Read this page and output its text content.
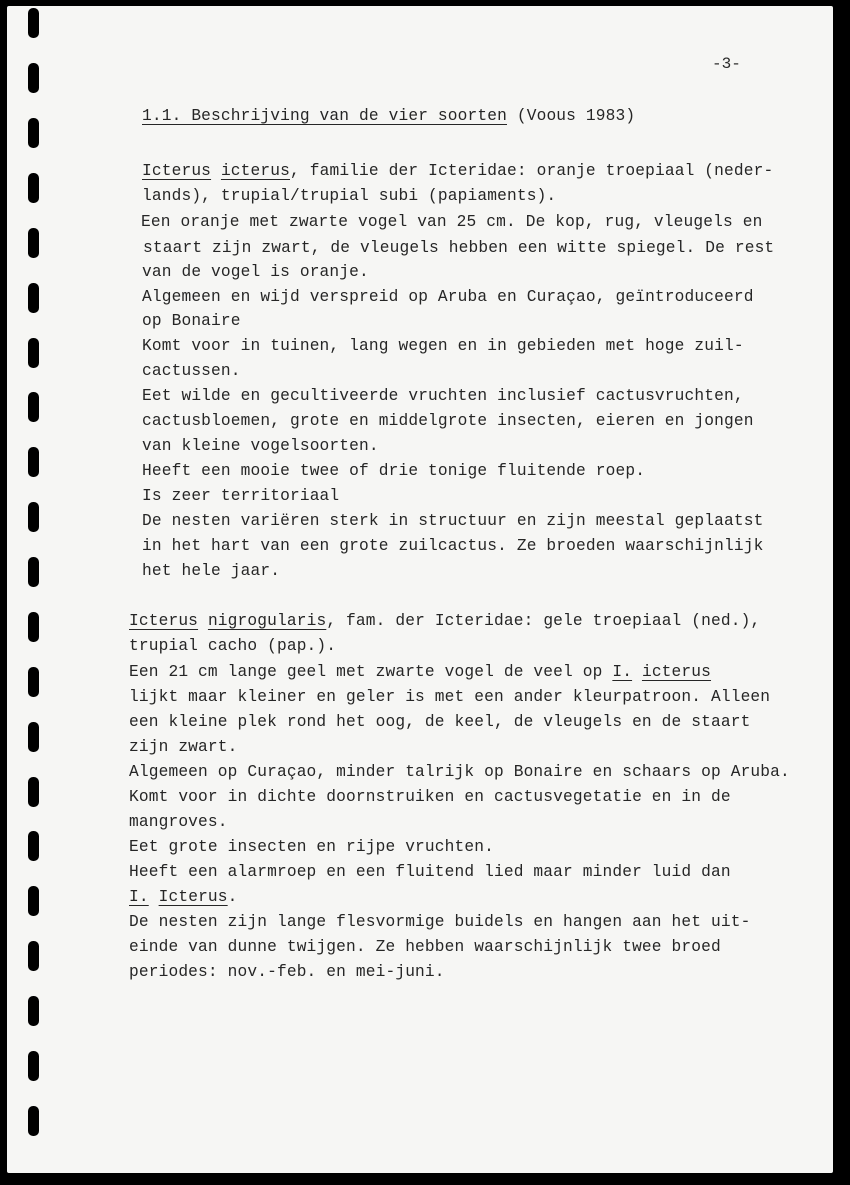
-3-
1.1. Beschrijving van de vier soorten (Voous 1983)

Icterus icterus, familie der Icteridae: oranje troepiaal (neder-

lands), trupial/trupial subi (papiaments).

Een oranje met zwarte vogel van 25 cm. De kop, rug, vleugels en

staart zijn zwart, de vleugels hebben een witte spiegel. De rest

van de vogel is oranje.

Algemeen en wijd verspreid op Aruba en Curaçao, geïntroduceerd

op Bonaire

Komt voor in tuinen, lang wegen en in gebieden met hoge zuil-

cactussen.

Eet wilde en gecultiveerde vruchten inclusief cactusvruchten,

cactusbloemen, grote en middelgrote insecten, eieren en jongen

van kleine vogelsoorten.

Heeft een mooie twee of drie tonige fluitende roep.

Is zeer territoriaal

De nesten variëren sterk in structuur en zijn meestal geplaatst

in het hart van een grote zuilcactus. Ze broeden waarschijnlijk

het hele jaar.

Icterus nigrogularis, fam. der Icteridae: gele troepiaal (ned.),

trupial cacho (pap.).

Een 21 cm lange geel met zwarte vogel de veel op I. icterus

lijkt maar kleiner en geler is met een ander kleurpatroon. Alleen

een kleine plek rond het oog, de keel, de vleugels en de staart

zijn zwart.

Algemeen op Curaçao, minder talrijk op Bonaire en schaars op Aruba.

Komt voor in dichte doornstruiken en cactusvegetatie en in de

mangroves.

Eet grote insecten en rijpe vruchten.

Heeft een alarmroep en een fluitend lied maar minder luid dan

I. Icterus.

De nesten zijn lange flesvormige buidels en hangen aan het uit-

einde van dunne twijgen. Ze hebben waarschijnlijk twee broed

periodes: nov.-feb. en mei-juni.
